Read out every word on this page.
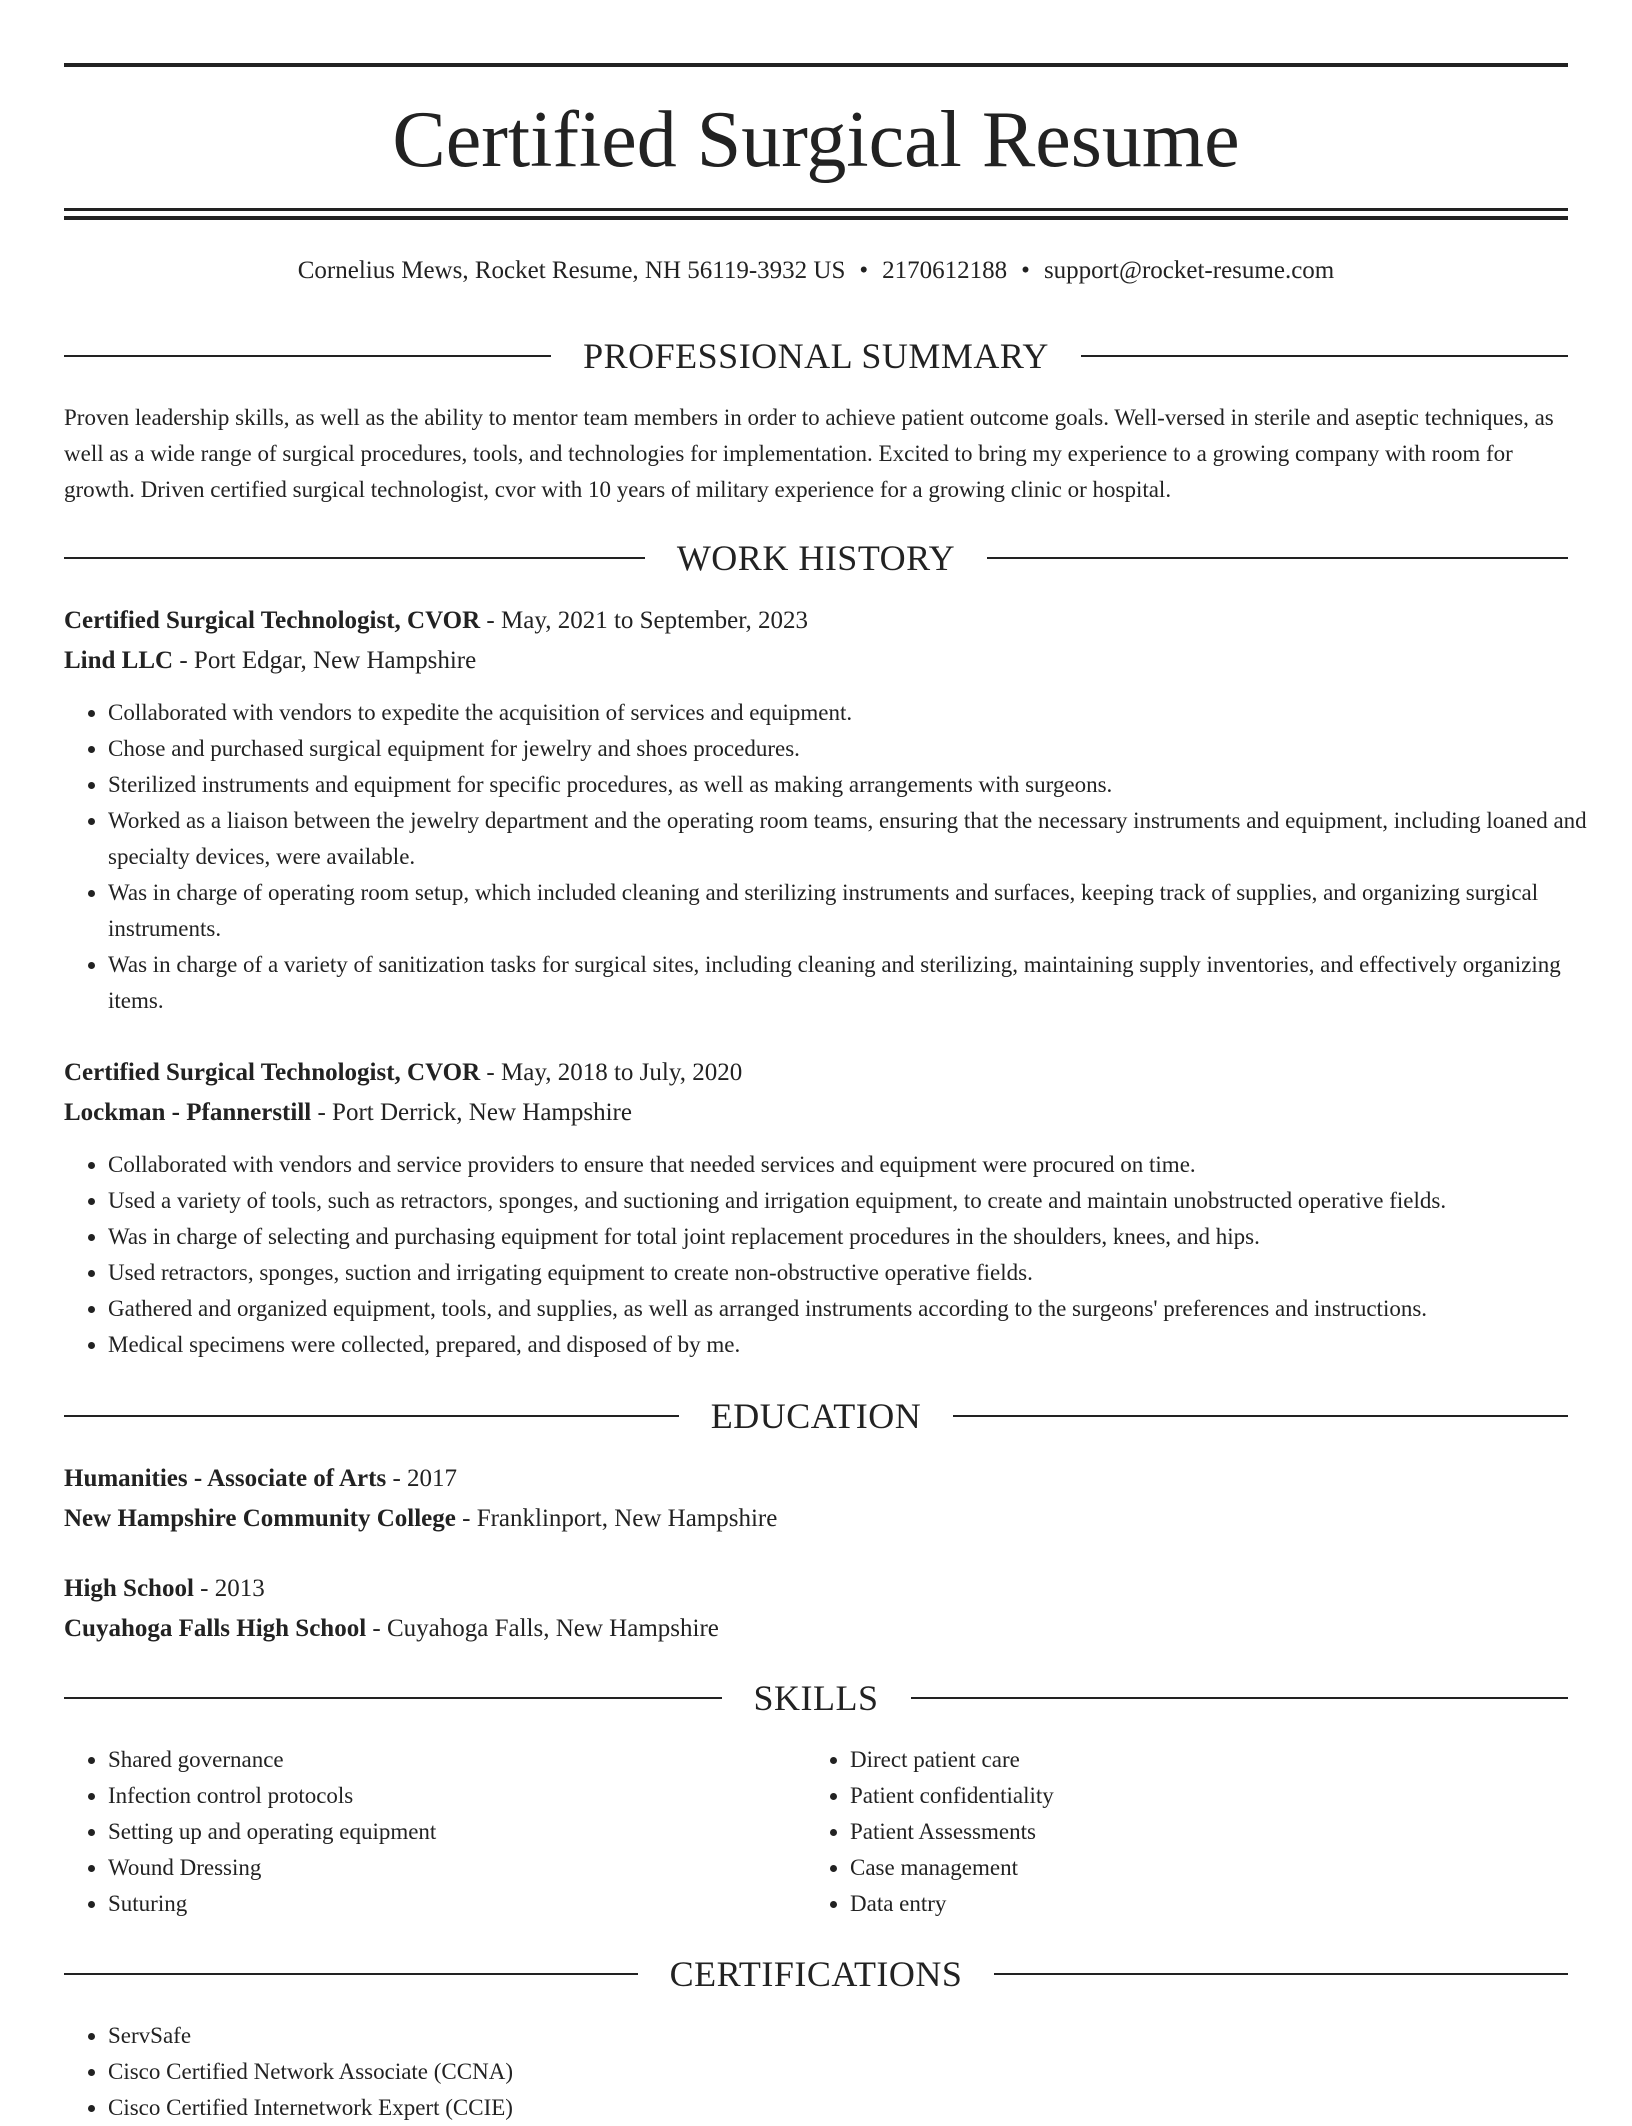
Certified Surgical Resume
Cornelius Mews, Rocket Resume, NH 56119-3932 US • 2170612188 • support@rocket-resume.com
PROFESSIONAL SUMMARY

Proven leadership skills, as well as the ability to mentor team members in order to achieve patient outcome goals. Well-versed in sterile and aseptic techniques, as well as a wide range of surgical procedures, tools, and technologies for implementation. Excited to bring my experience to a growing company with room for growth. Driven certified surgical technologist, cvor with 10 years of military experience for a growing clinic or hospital.

WORK HISTORY
Certified Surgical Technologist, CVOR - May, 2021 to September, 2023
Lind LLC - Port Edgar, New Hampshire
• Collaborated with vendors to expedite the acquisition of services and equipment.
• Chose and purchased surgical equipment for jewelry and shoes procedures.
• Sterilized instruments and equipment for specific procedures, as well as making arrangements with surgeons.
• Worked as a liaison between the jewelry department and the operating room teams, ensuring that the necessary instruments and equipment, including loaned and specialty devices, were available.
• Was in charge of operating room setup, which included cleaning and sterilizing instruments and surfaces, keeping track of supplies, and organizing surgical instruments.
• Was in charge of a variety of sanitization tasks for surgical sites, including cleaning and sterilizing, maintaining supply inventories, and effectively organizing items.
Certified Surgical Technologist, CVOR - May, 2018 to July, 2020
Lockman - Pfannerstill - Port Derrick, New Hampshire
• Collaborated with vendors and service providers to ensure that needed services and equipment were procured on time.
• Used a variety of tools, such as retractors, sponges, and suctioning and irrigation equipment, to create and maintain unobstructed operative fields.
• Was in charge of selecting and purchasing equipment for total joint replacement procedures in the shoulders, knees, and hips.
• Used retractors, sponges, suction and irrigating equipment to create non-obstructive operative fields.
• Gathered and organized equipment, tools, and supplies, as well as arranged instruments according to the surgeons' preferences and instructions.
• Medical specimens were collected, prepared, and disposed of by me.
EDUCATION
Humanities - Associate of Arts - 2017
New Hampshire Community College - Franklinport, New Hampshire
High School - 2013
Cuyahoga Falls High School - Cuyahoga Falls, New Hampshire
SKILLS
• Shared governance
• Infection control protocols
• Setting up and operating equipment
• Wound Dressing
• Suturing
• Direct patient care
• Patient confidentiality
• Patient Assessments
• Case management
• Data entry
CERTIFICATIONS
• ServSafe
• Cisco Certified Network Associate (CCNA)
• Cisco Certified Internetwork Expert (CCIE)
